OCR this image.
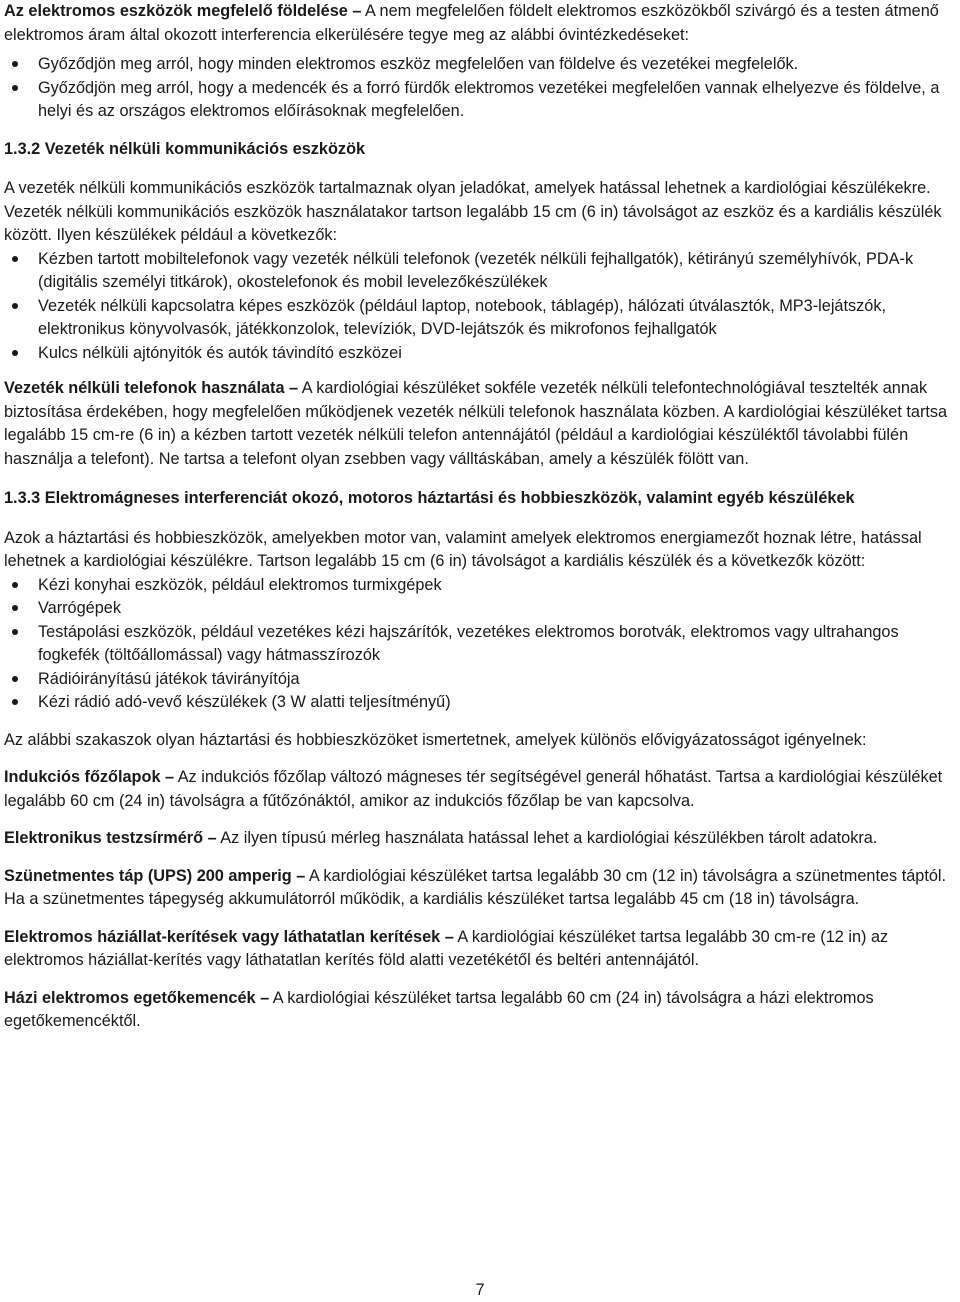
Az elektromos eszközök megfelelő földelése – A nem megfelelően földelt elektromos eszközökből szivárgó és a testen átmenő elektromos áram által okozott interferencia elkerülésére tegye meg az alábbi óvintézkedéseket:

Győződjön meg arról, hogy minden elektromos eszköz megfelelően van földelve és vezetékei megfelelők.
Győződjön meg arról, hogy a medencék és a forró fürdők elektromos vezetékei megfelelően vannak elhelyezve és földelve, a helyi és az országos elektromos előírásoknak megfelelően.

1.3.2 Vezeték nélküli kommunikációs eszközök

A vezeték nélküli kommunikációs eszközök tartalmaznak olyan jeladókat, amelyek hatással lehetnek a kardiológiai készülékekre. Vezeték nélküli kommunikációs eszközök használatakor tartson legalább 15 cm (6 in) távolságot az eszköz és a kardiális készülék között. Ilyen készülékek például a következők:

Kézben tartott mobiltelefonok vagy vezeték nélküli telefonok (vezeték nélküli fejhallgatók), kétirányú személyhívók, PDA-k (digitális személyi titkárok), okostelefonok és mobil levelezőkészülékek
Vezeték nélküli kapcsolatra képes eszközök (például laptop, notebook, táblagép), hálózati útválasztók, MP3-lejátszók, elektronikus könyvolvasók, játékkonzolok, televíziók, DVD-lejátszók és mikrofonos fejhallgatók
Kulcs nélküli ajtónyitók és autók távindító eszközei

Vezeték nélküli telefonok használata – A kardiológiai készüléket sokféle vezeték nélküli telefontechnológiával tesztelték annak biztosítása érdekében, hogy megfelelően működjenek vezeték nélküli telefonok használata közben. A kardiológiai készüléket tartsa legalább 15 cm-re (6 in) a kézben tartott vezeték nélküli telefon antennájától (például a kardiológiai készüléktől távolabbi fülén használja a telefont). Ne tartsa a telefont olyan zsebben vagy válltáskában, amely a készülék fölött van.

1.3.3 Elektromágneses interferenciát okozó, motoros háztartási és hobbieszközök, valamint egyéb készülékek

Azok a háztartási és hobbieszközök, amelyekben motor van, valamint amelyek elektromos energiamezőt hoznak létre, hatással lehetnek a kardiológiai készülékre. Tartson legalább 15 cm (6 in) távolságot a kardiális készülék és a következők között:

Kézi konyhai eszközök, például elektromos turmixgépek
Varrógépek
Testápolási eszközök, például vezetékes kézi hajszárítók, vezetékes elektromos borotvák, elektromos vagy ultrahangos fogkefék (töltőállomással) vagy hátmasszírozók
Rádióirányítású játékok távirányítója
Kézi rádió adó-vevő készülékek (3 W alatti teljesítményű)

Az alábbi szakaszok olyan háztartási és hobbieszközöket ismertetnek, amelyek különös elővigyázatosságot igényelnek:

Indukciós főzőlapok – Az indukciós főzőlap változó mágneses tér segítségével generál hőhatást. Tartsa a kardiológiai készüléket legalább 60 cm (24 in) távolságra a fűtőzónáktól, amikor az indukciós főzőlap be van kapcsolva.

Elektronikus testzsírmérő – Az ilyen típusú mérleg használata hatással lehet a kardiológiai készülékben tárolt adatokra.

Szünetmentes táp (UPS) 200 amperig – A kardiológiai készüléket tartsa legalább 30 cm (12 in) távolságra a szünetmentes táptól. Ha a szünetmentes tápegység akkumulátorról működik, a kardiális készüléket tartsa legalább 45 cm (18 in) távolságra.

Elektromos háziállat-kerítések vagy láthatatlan kerítések – A kardiológiai készüléket tartsa legalább 30 cm-re (12 in) az elektromos háziállat-kerítés vagy láthatatlan kerítés föld alatti vezetékétől és beltéri antennájától.

Házi elektromos egetőkemencék – A kardiológiai készüléket tartsa legalább 60 cm (24 in) távolságra a házi elektromos egetőkemencéktől.

7
